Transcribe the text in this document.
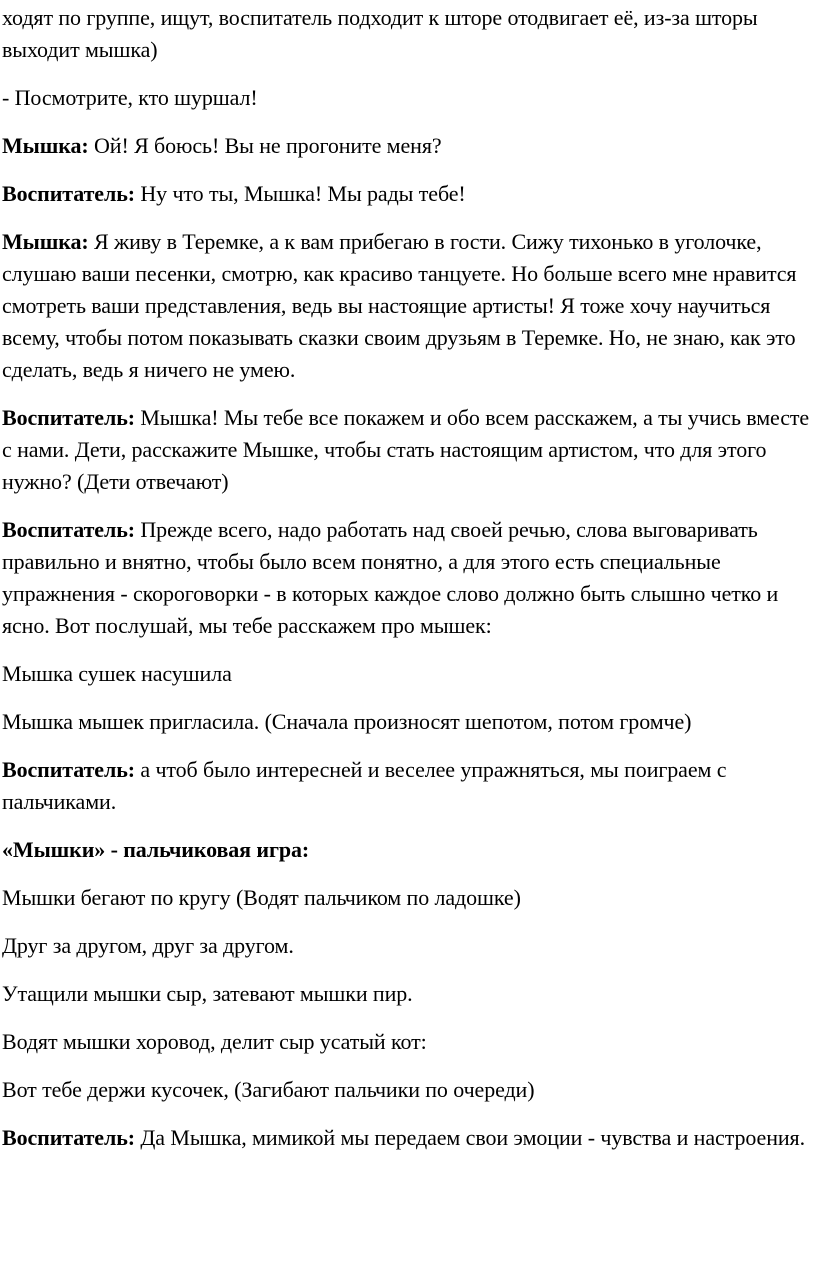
ходят по группе, ищут, воспитатель подходит к шторе отодвигает её, из-за шторы выходит мышка)

- Посмотрите, кто шуршал!

Мышка: Ой! Я боюсь! Вы не прогоните меня?

Воспитатель: Ну что ты, Мышка! Мы рады тебе!

Мышка: Я живу в Теремке, а к вам прибегаю в гости. Сижу тихонько в уголочке, слушаю ваши песенки, смотрю, как красиво танцуете. Но больше всего мне нравится смотреть ваши представления, ведь вы настоящие артисты! Я тоже хочу научиться всему, чтобы потом показывать сказки своим друзьям в Теремке. Но, не знаю, как это сделать, ведь я ничего не умею.

Воспитатель: Мышка! Мы тебе все покажем и обо всем расскажем, а ты учись вместе с нами. Дети, расскажите Мышке, чтобы стать настоящим артистом, что для этого нужно? (Дети отвечают)

Воспитатель: Прежде всего, надо работать над своей речью, слова выговаривать правильно и внятно, чтобы было всем понятно, а для этого есть специальные упражнения - скороговорки - в которых каждое слово должно быть слышно четко и ясно. Вот послушай, мы тебе расскажем про мышек:

Мышка сушек насушила

Мышка мышек пригласила. (Сначала произносят шепотом, потом громче)

Воспитатель: а чтоб было интересней и веселее упражняться, мы поиграем с пальчиками.

«Мышки» - пальчиковая игра:

Мышки бегают по кругу (Водят пальчиком по ладошке)

Друг за другом, друг за другом.

Утащили мышки сыр, затевают мышки пир.

Водят мышки хоровод, делит сыр усатый кот:

Вот тебе держи кусочек, (Загибают пальчики по очереди)

Воспитатель: Да Мышка, мимикой мы передаем свои эмоции - чувства и настроения.
